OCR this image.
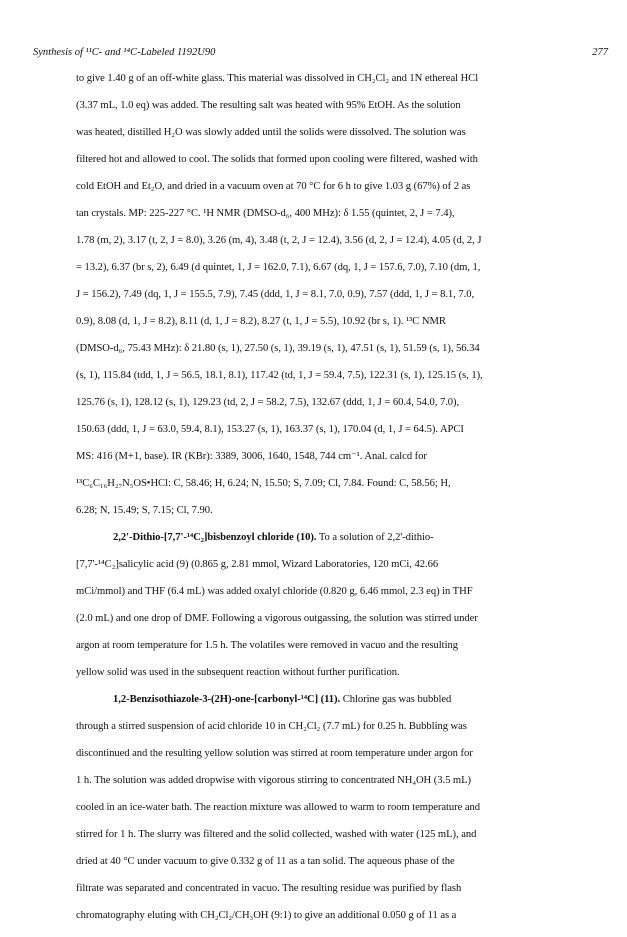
Synthesis of ¹¹C- and ¹⁴C-Labeled 1192U90	277
to give 1.40 g of an off-white glass. This material was dissolved in CH₂Cl₂ and 1N ethereal HCl
(3.37 mL, 1.0 eq) was added. The resulting salt was heated with 95% EtOH. As the solution
was heated, distilled H₂O was slowly added until the solids were dissolved. The solution was
filtered hot and allowed to cool. The solids that formed upon cooling were filtered, washed with
cold EtOH and Et₂O, and dried in a vacuum oven at 70 °C for 6 h to give 1.03 g (67%) of 2 as
tan crystals. MP: 225-227 °C. ¹H NMR (DMSO-d₆, 400 MHz): δ 1.55 (quintet, 2, J = 7.4),
1.78 (m, 2), 3.17 (t, 2, J = 8.0), 3.26 (m, 4), 3.48 (t, 2, J = 12.4), 3.56 (d, 2, J = 12.4), 4.05 (d, 2, J
= 13.2), 6.37 (br s, 2), 6.49 (d quintet, 1, J = 162.0, 7.1), 6.67 (dq, 1, J = 157.6, 7.0), 7.10 (dm, 1,
J = 156.2), 7.49 (dq, 1, J = 155.5, 7.9), 7.45 (ddd, 1, J = 8.1, 7.0, 0.9), 7.57 (ddd, 1, J = 8.1, 7.0,
0.9), 8.08 (d, 1, J = 8.2), 8.11 (d, 1, J = 8.2), 8.27 (t, 1, J = 5.5), 10.92 (br s, 1). ¹³C NMR
(DMSO-d₆, 75.43 MHz): δ 21.80 (s, 1), 27.50 (s, 1), 39.19 (s, 1), 47.51 (s, 1), 51.59 (s, 1), 56.34
(s, 1), 115.84 (tdd, 1, J = 56.5, 18.1, 8.1), 117.42 (td, 1, J = 59.4, 7.5), 122.31 (s, 1), 125.15 (s, 1),
125.76 (s, 1), 128.12 (s, 1), 129.23 (td, 2, J = 58.2, 7.5), 132.67 (ddd, 1, J = 60.4, 54.0, 7.0),
150.63 (ddd, 1, J = 63.0, 59.4, 8.1), 153.27 (s, 1), 163.37 (s, 1), 170.04 (d, 1, J = 64.5). APCI
MS: 416 (M+1, base). IR (KBr): 3389, 3006, 1640, 1548, 744 cm⁻¹. Anal. calcd for
¹³C₆C₁₆H₂₇N₅OS•HCl: C, 58.46; H, 6.24; N, 15.50; S, 7.09; Cl, 7.84. Found: C, 58.56; H,
6.28; N, 15.49; S, 7.15; Cl, 7.90.
2,2'-Dithio-[7,7'-¹⁴C₂]bisbenzoyl chloride (10). To a solution of 2,2'-dithio-
[7,7'-¹⁴C₂]salicylic acid (9) (0.865 g, 2.81 mmol, Wizard Laboratories, 120 mCi, 42.66
mCi/mmol) and THF (6.4 mL) was added oxalyl chloride (0.820 g, 6.46 mmol, 2.3 eq) in THF
(2.0 mL) and one drop of DMF. Following a vigorous outgassing, the solution was stirred under
argon at room temperature for 1.5 h. The volatiles were removed in vacuo and the resulting
yellow solid was used in the subsequent reaction without further purification.
1,2-Benzisothiazole-3-(2H)-one-[carbonyl-¹⁴C] (11). Chlorine gas was bubbled
through a stirred suspension of acid chloride 10 in CH₂Cl₂ (7.7 mL) for 0.25 h. Bubbling was
discontinued and the resulting yellow solution was stirred at room temperature under argon for
1 h. The solution was added dropwise with vigorous stirring to concentrated NH₄OH (3.5 mL)
cooled in an ice-water bath. The reaction mixture was allowed to warm to room temperature and
stirred for 1 h. The slurry was filtered and the solid collected, washed with water (125 mL), and
dried at 40 °C under vacuum to give 0.332 g of 11 as a tan solid. The aqueous phase of the
filtrate was separated and concentrated in vacuo. The resulting residue was purified by flash
chromatography eluting with CH₂Cl₂/CH₃OH (9:1) to give an additional 0.050 g of 11 as a
